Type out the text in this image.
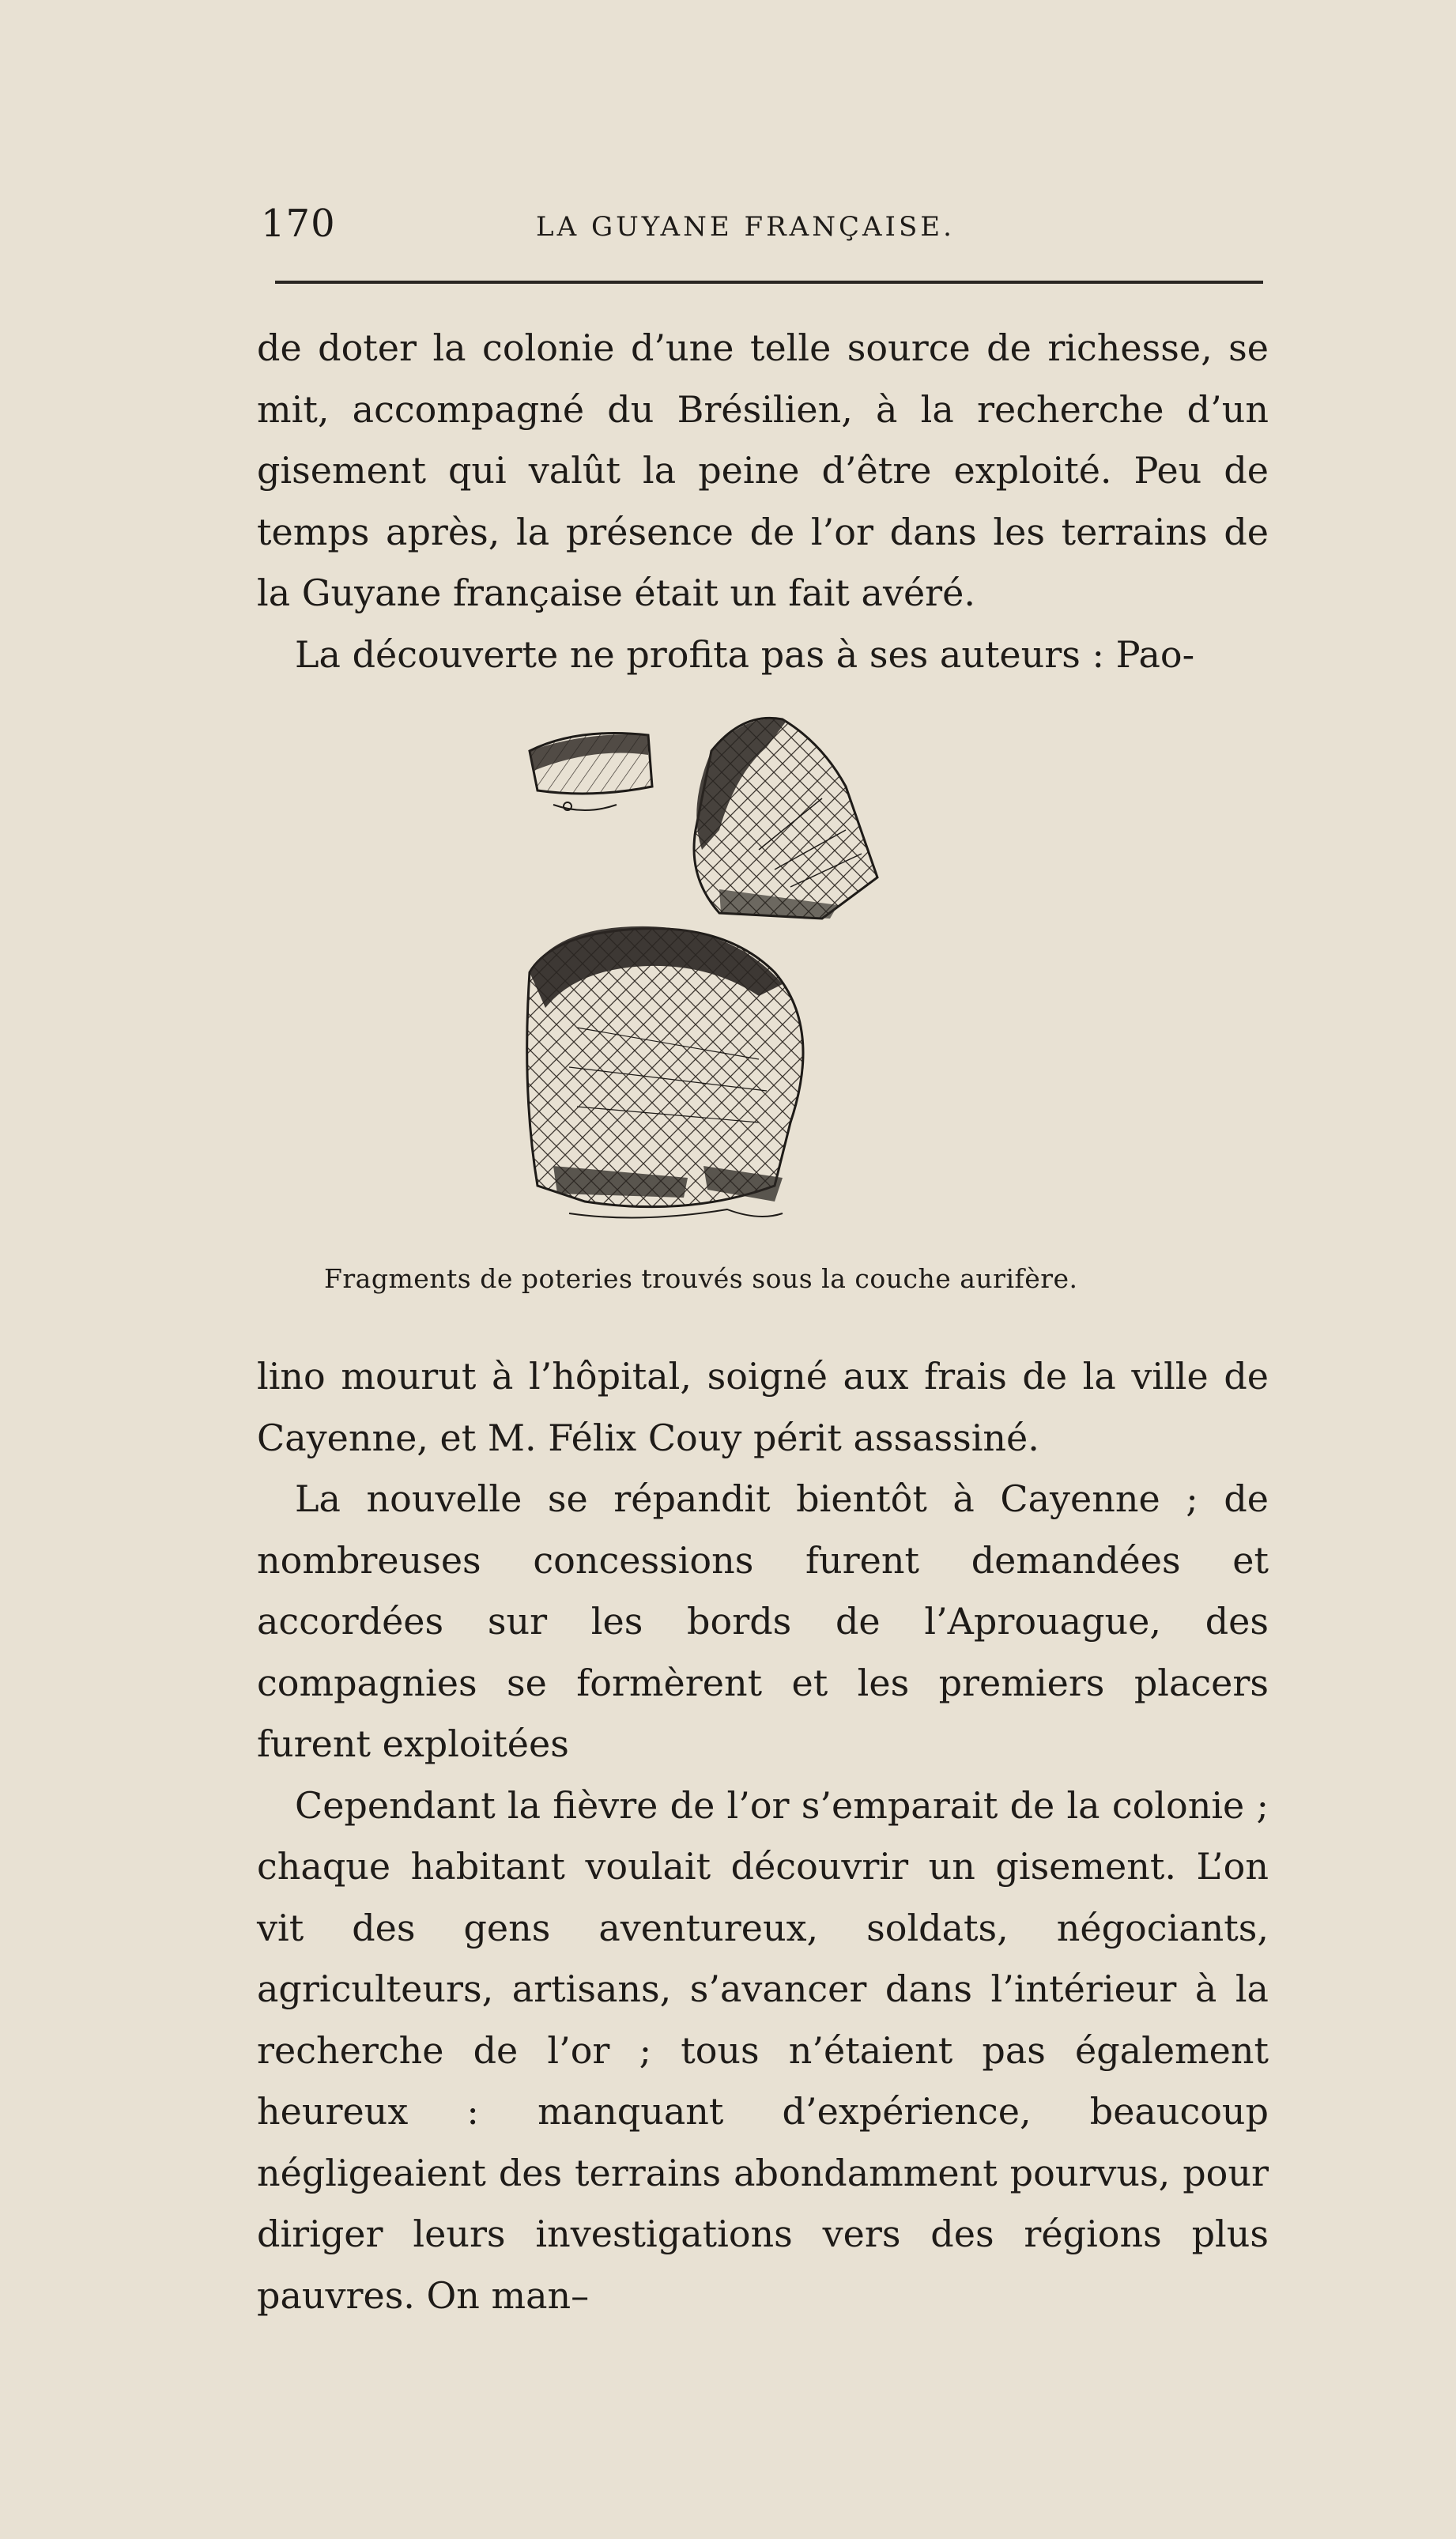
170	LA GUYANE FRANÇAISE.

de doter la colonie d’une telle source de richesse, se mit, accompagné du Brésilien, à la recherche d’un gisement qui valût la peine d’être exploité. Peu de temps après, la présence de l’or dans les terrains de la Guyane française était un fait avéré.

La découverte ne profita pas à ses auteurs : Pao-

Fragments de poteries trouvés sous la couche aurifère.

lino mourut à l’hôpital, soigné aux frais de la ville de Cayenne, et M. Félix Couy périt assassiné.

La nouvelle se répandit bientôt à Cayenne ; de nombreuses concessions furent demandées et accordées sur les bords de l’Aprouague, des compagnies se formèrent et les premiers placers furent exploitées

Cependant la fièvre de l’or s’emparait de la colonie ; chaque habitant voulait découvrir un gisement. L’on vit des gens aventureux, soldats, négociants, agriculteurs, artisans, s’avancer dans l’intérieur à la recherche de l’or ; tous n’étaient pas également heureux : manquant d’expérience, beaucoup négligeaient des terrains abondamment pourvus, pour diriger leurs investigations vers des régions plus pauvres. On man–
